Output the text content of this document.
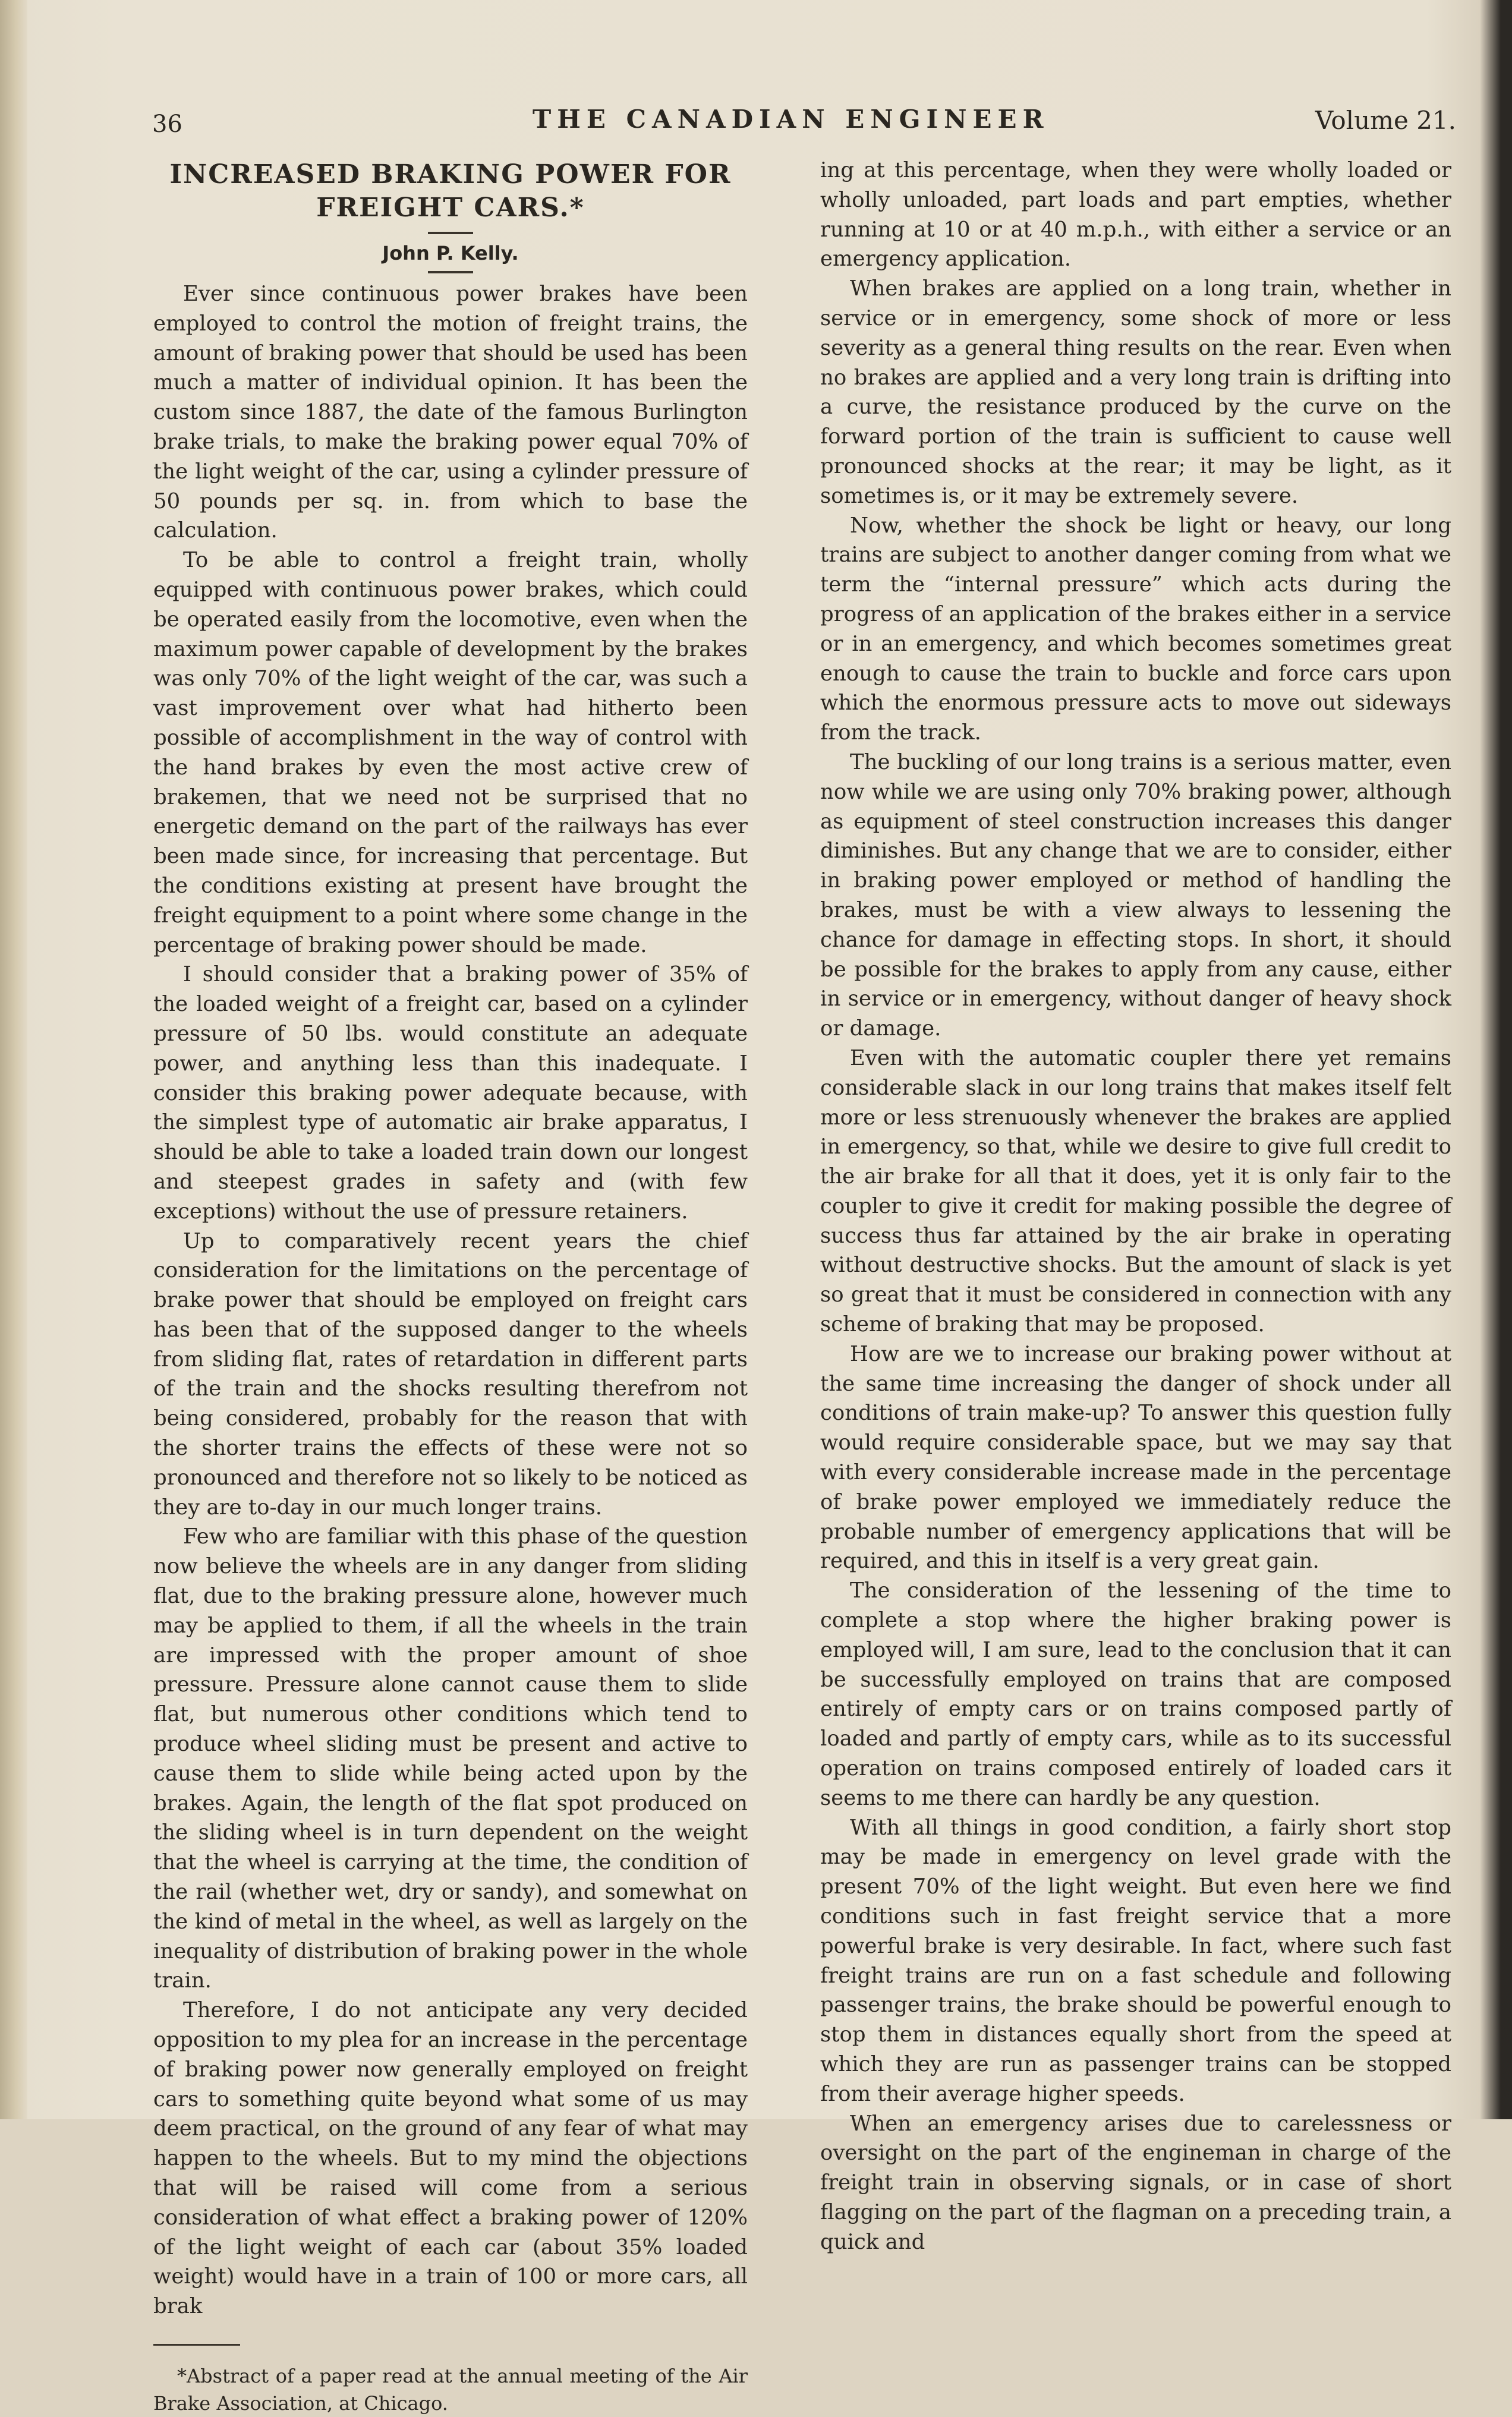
36	THE CANADIAN ENGINEER	Volume 21.
INCREASED BRAKING POWER FOR FREIGHT CARS.*
John P. Kelly.

Ever since continuous power brakes have been employed to control the motion of freight trains, the amount of braking power that should be used has been much a matter of individual opinion. It has been the custom since 1887, the date of the famous Burlington brake trials, to make the braking power equal 70% of the light weight of the car, using a cylinder pressure of 50 pounds per sq. in. from which to base the calculation.

To be able to control a freight train, wholly equipped with continuous power brakes, which could be operated easily from the locomotive, even when the maximum power capable of development by the brakes was only 70% of the light weight of the car, was such a vast improvement over what had hitherto been possible of accomplishment in the way of control with the hand brakes by even the most active crew of brakemen, that we need not be surprised that no energetic demand on the part of the railways has ever been made since, for increasing that percentage. But the conditions existing at present have brought the freight equipment to a point where some change in the percentage of braking power should be made.

I should consider that a braking power of 35% of the loaded weight of a freight car, based on a cylinder pressure of 50 lbs. would constitute an adequate power, and anything less than this inadequate. I consider this braking power adequate because, with the simplest type of automatic air brake apparatus, I should be able to take a loaded train down our longest and steepest grades in safety and (with few exceptions) without the use of pressure retainers.

Up to comparatively recent years the chief consideration for the limitations on the percentage of brake power that should be employed on freight cars has been that of the supposed danger to the wheels from sliding flat, rates of retardation in different parts of the train and the shocks resulting therefrom not being considered, probably for the reason that with the shorter trains the effects of these were not so pronounced and therefore not so likely to be noticed as they are to-day in our much longer trains.

Few who are familiar with this phase of the question now believe the wheels are in any danger from sliding flat, due to the braking pressure alone, however much may be applied to them, if all the wheels in the train are impressed with the proper amount of shoe pressure. Pressure alone cannot cause them to slide flat, but numerous other conditions which tend to produce wheel sliding must be present and active to cause them to slide while being acted upon by the brakes. Again, the length of the flat spot produced on the sliding wheel is in turn dependent on the weight that the wheel is carrying at the time, the condition of the rail (whether wet, dry or sandy), and somewhat on the kind of metal in the wheel, as well as largely on the inequality of distribution of braking power in the whole train.

Therefore, I do not anticipate any very decided opposition to my plea for an increase in the percentage of braking power now generally employed on freight cars to something quite beyond what some of us may deem practical, on the ground of any fear of what may happen to the wheels. But to my mind the objections that will be raised will come from a serious consideration of what effect a braking power of 120% of the light weight of each car (about 35% loaded weight) would have in a train of 100 or more cars, all brak

*Abstract of a paper read at the annual meeting of the Air Brake Association, at Chicago.

ing at this percentage, when they were wholly loaded or wholly unloaded, part loads and part empties, whether running at 10 or at 40 m.p.h., with either a service or an emergency application.

When brakes are applied on a long train, whether in service or in emergency, some shock of more or less severity as a general thing results on the rear. Even when no brakes are applied and a very long train is drifting into a curve, the resistance produced by the curve on the forward portion of the train is sufficient to cause well pronounced shocks at the rear; it may be light, as it sometimes is, or it may be extremely severe.

Now, whether the shock be light or heavy, our long trains are subject to another danger coming from what we term the “internal pressure” which acts during the progress of an application of the brakes either in a service or in an emergency, and which becomes sometimes great enough to cause the train to buckle and force cars upon which the enormous pressure acts to move out sideways from the track.

The buckling of our long trains is a serious matter, even now while we are using only 70% braking power, although as equipment of steel construction increases this danger diminishes. But any change that we are to consider, either in braking power employed or method of handling the brakes, must be with a view always to lessening the chance for damage in effecting stops. In short, it should be possible for the brakes to apply from any cause, either in service or in emergency, without danger of heavy shock or damage.

Even with the automatic coupler there yet remains considerable slack in our long trains that makes itself felt more or less strenuously whenever the brakes are applied in emergency, so that, while we desire to give full credit to the air brake for all that it does, yet it is only fair to the coupler to give it credit for making possible the degree of success thus far attained by the air brake in operating without destructive shocks. But the amount of slack is yet so great that it must be considered in connection with any scheme of braking that may be proposed.

How are we to increase our braking power without at the same time increasing the danger of shock under all conditions of train make-up? To answer this question fully would require considerable space, but we may say that with every considerable increase made in the percentage of brake power employed we immediately reduce the probable number of emergency applications that will be required, and this in itself is a very great gain.

The consideration of the lessening of the time to complete a stop where the higher braking power is employed will, I am sure, lead to the conclusion that it can be successfully employed on trains that are composed entirely of empty cars or on trains composed partly of loaded and partly of empty cars, while as to its successful operation on trains composed entirely of loaded cars it seems to me there can hardly be any question.

With all things in good condition, a fairly short stop may be made in emergency on level grade with the present 70% of the light weight. But even here we find conditions such in fast freight service that a more powerful brake is very desirable. In fact, where such fast freight trains are run on a fast schedule and following passenger trains, the brake should be powerful enough to stop them in distances equally short from the speed at which they are run as passenger trains can be stopped from their average higher speeds.

When an emergency arises due to carelessness or oversight on the part of the engineman in charge of the freight train in observing signals, or in case of short flagging on the part of the flagman on a preceding train, a quick and
